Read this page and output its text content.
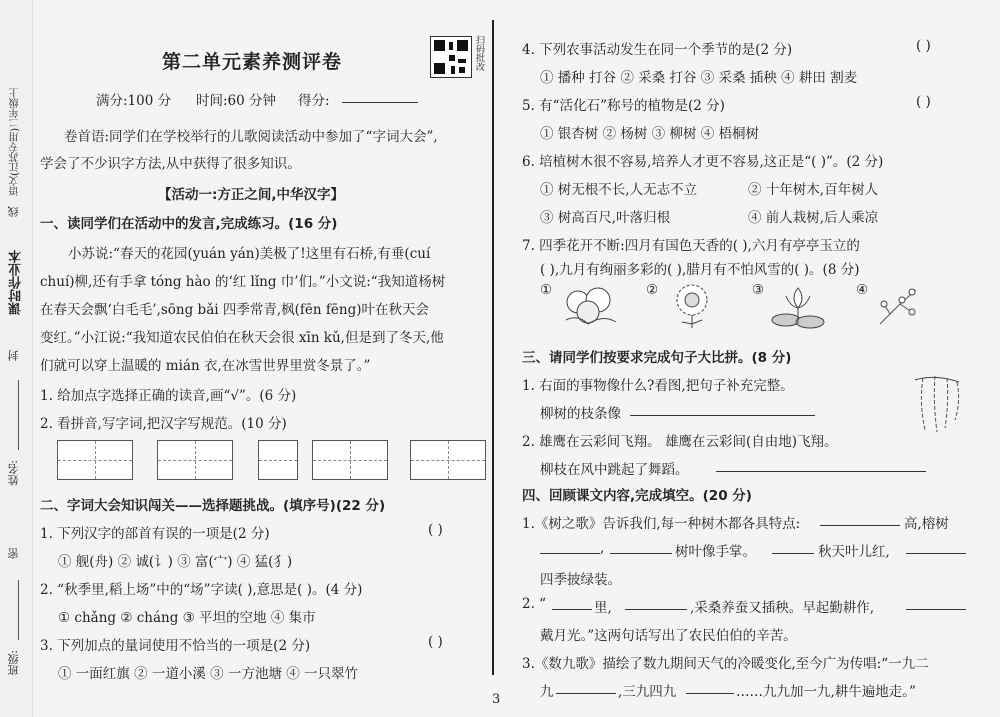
语文(江苏专用)二年级上
线
课时作业本
封
姓名:
密
班级:
第二单元素养测评卷	扫码批改
满分:100 分 时间:60 分钟 得分:
卷首语:同学们在学校举行的儿歌阅读活动中参加了“字词大会”,
学会了不少识字方法,从中获得了很多知识。
【活动一:方正之间,中华汉字】
一、读同学们在活动中的发言,完成练习。(16 分)
小苏说:“春天的花园(yuán yán)美极了!这里有石桥,有垂(cuí
chuí)柳,还有手拿 tóng hào 的‘红 lǐng 巾’们。”小文说:“我知道杨树
在春天会飘‘白毛毛’,sōng bǎi 四季常青,枫(fēn fēng)叶在秋天会
变红。”小江说:“我知道农民伯伯在秋天会很 xīn kǔ,但是到了冬天,他
们就可以穿上温暖的 mián 衣,在冰雪世界里赏冬景了。”
1. 给加点字选择正确的读音,画“√”。(6 分)
2. 看拼音,写字词,把汉字写规范。(10 分)
二、字词大会知识闯关——选择题挑战。(填序号)(22 分)
1. 下列汉字的部首有误的一项是(2 分)	( )
① 舰(舟) ② 诚(讠) ③ 富(宀) ④ 猛(犭)
2. “秋季里,稻上场”中的“场”字读( ),意思是( )。(4 分)
① chǎng ② cháng ③ 平坦的空地 ④ 集市
3. 下列加点的量词使用不恰当的一项是(2 分)	( )
① 一面红旗 ② 一道小溪 ③ 一方池塘 ④ 一只翠竹
4. 下列农事活动发生在同一个季节的是(2 分)	( )
① 播种 打谷 ② 采桑 打谷 ③ 采桑 插秧 ④ 耕田 割麦
5. 有“活化石”称号的植物是(2 分)	( )
① 银杏树 ② 杨树 ③ 柳树 ④ 梧桐树
6. 培植树木很不容易,培养人才更不容易,这正是“( )”。(2 分)
① 树无根不长,人无志不立	② 十年树木,百年树人
③ 树高百尺,叶落归根	④ 前人栽树,后人乘凉
7. 四季花开不断:四月有国色天香的( ),六月有亭亭玉立的
( ),九月有绚丽多彩的( ),腊月有不怕风雪的( )。(8 分)
①	②	③	④
三、请同学们按要求完成句子大比拼。(8 分)
1. 右面的事物像什么?看图,把句子补充完整。
柳树的枝条像
2. 雄鹰在云彩间飞翔。 雄鹰在云彩间(自由地)飞翔。
柳枝在风中跳起了舞蹈。
四、回顾课文内容,完成填空。(20 分)
1.《树之歌》告诉我们,每一种树木都各具特点:	高,榕树
,	树叶像手掌。	秋天叶儿红,
四季披绿装。
2. “	里,	,采桑养蚕又插秧。早起勤耕作,
戴月光。”这两句话写出了农民伯伯的辛苦。
3.《数九歌》描绘了数九期间天气的冷暖变化,至今广为传唱:“一九二
九	,三九四九	……九九加一九,耕牛遍地走。”
3
